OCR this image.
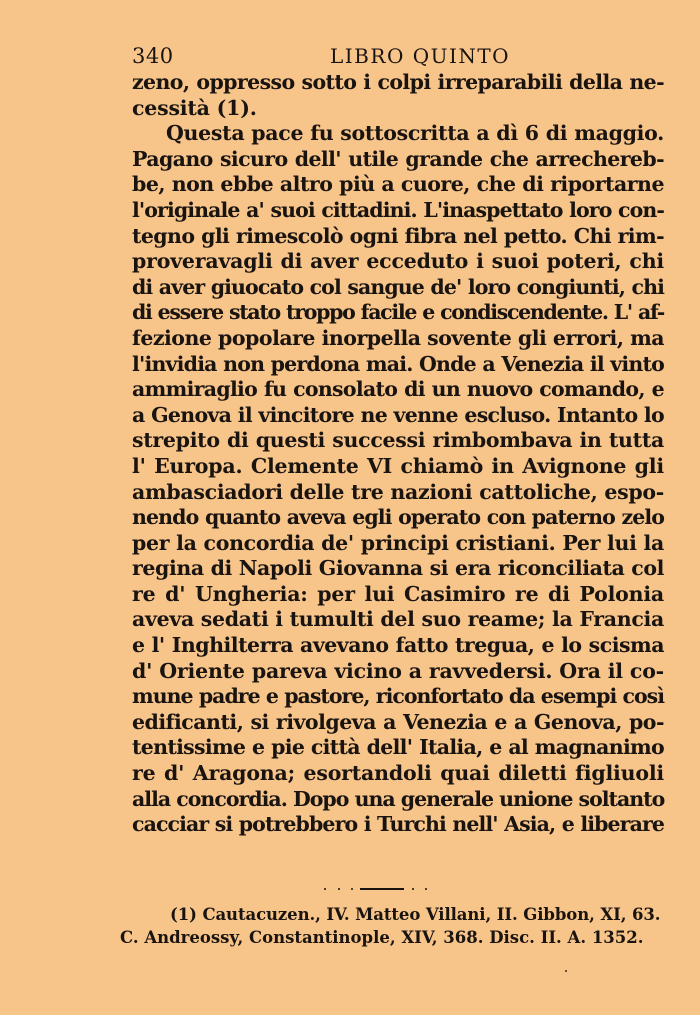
340	LIBRO QUINTO
zeno, oppresso sotto i colpi irreparabili della ne-
cessità (1).
Questa pace fu sottoscritta a dì 6 di maggio.
Pagano sicuro dell' utile grande che arrechereb-
be, non ebbe altro più a cuore, che di riportarne
l'originale a' suoi cittadini. L'inaspettato loro con-
tegno gli rimescolò ogni fibra nel petto. Chi rim-
proveravagli di aver ecceduto i suoi poteri, chi
di aver giuocato col sangue de' loro congiunti, chi
di essere stato troppo facile e condiscendente. L' af-
fezione popolare inorpella sovente gli errori, ma
l'invidia non perdona mai. Onde a Venezia il vinto
ammiraglio fu consolato di un nuovo comando, e
a Genova il vincitore ne venne escluso. Intanto lo
strepito di questi successi rimbombava in tutta
l' Europa. Clemente VI chiamò in Avignone gli
ambasciadori delle tre nazioni cattoliche, espo-
nendo quanto aveva egli operato con paterno zelo
per la concordia de' principi cristiani. Per lui la
regina di Napoli Giovanna si era riconciliata col
re d' Ungheria: per lui Casimiro re di Polonia
aveva sedati i tumulti del suo reame; la Francia
e l' Inghilterra avevano fatto tregua, e lo scisma
d' Oriente pareva vicino a ravvedersi. Ora il co-
mune padre e pastore, riconfortato da esempi così
edificanti, si rivolgeva a Venezia e a Genova, po-
tentissime e pie città dell' Italia, e al magnanimo
re d' Aragona; esortandoli quai diletti figliuoli
alla concordia. Dopo una generale unione soltanto
cacciar si potrebbero i Turchi nell' Asia, e liberare
(1) Cautacuzen., IV. Matteo Villani, II. Gibbon, XI, 63.
C. Andreossy, Constantinople, XIV, 368. Disc. II. A. 1352.
